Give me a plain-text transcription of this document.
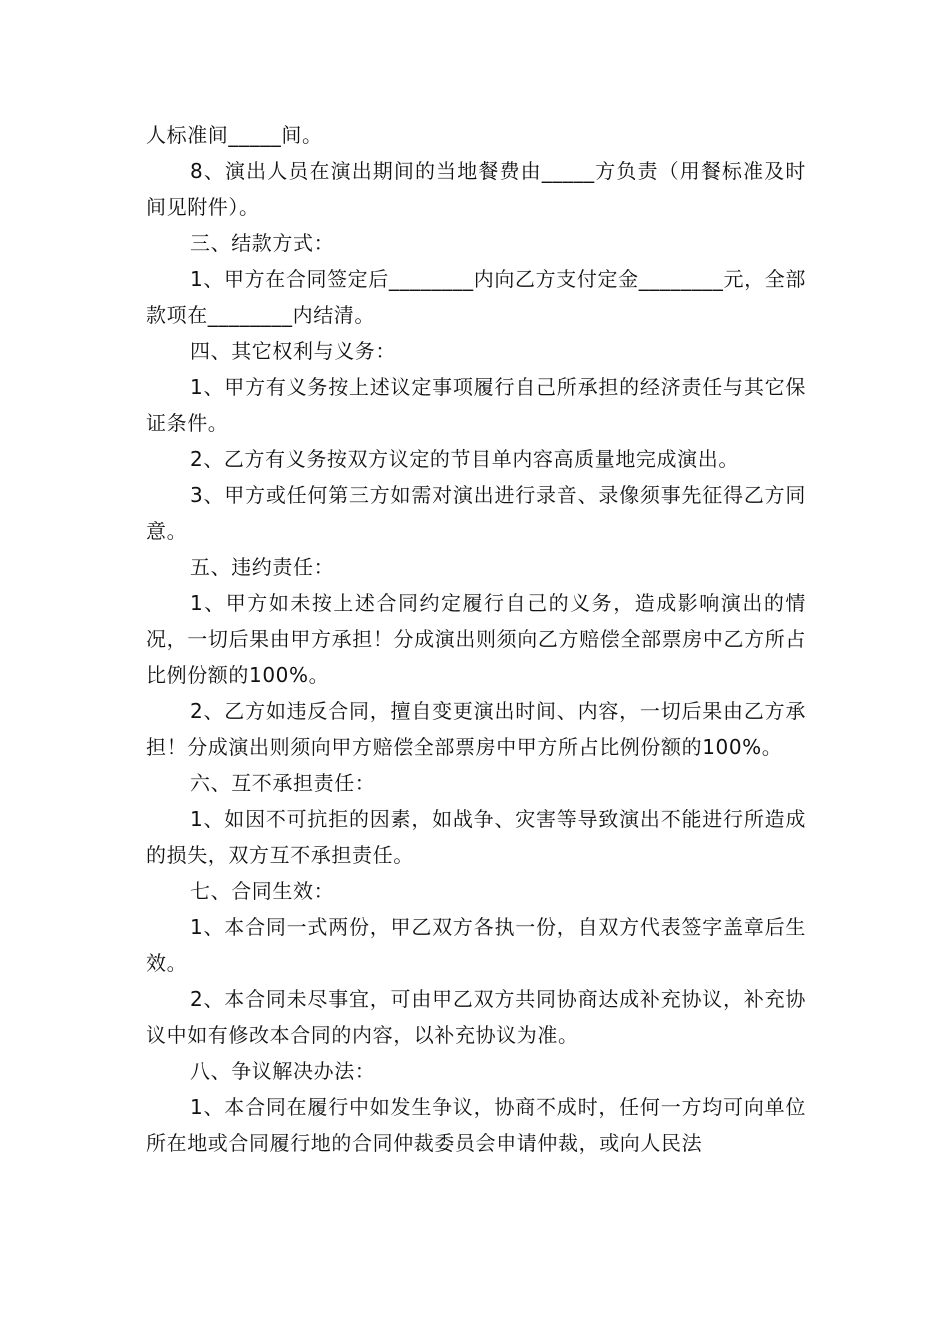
人标准间_____间。

8、演出人员在演出期间的当地餐费由_____方负责（用餐标准及时间见附件）。

三、结款方式：

1、甲方在合同签定后________内向乙方支付定金________元，全部款项在________内结清。

四、其它权利与义务：

1、甲方有义务按上述议定事项履行自己所承担的经济责任与其它保证条件。

2、乙方有义务按双方议定的节目单内容高质量地完成演出。

3、甲方或任何第三方如需对演出进行录音、录像须事先征得乙方同意。

五、违约责任：

1、甲方如未按上述合同约定履行自己的义务，造成影响演出的情况，一切后果由甲方承担！分成演出则须向乙方赔偿全部票房中乙方所占比例份额的100%。

2、乙方如违反合同，擅自变更演出时间、内容，一切后果由乙方承担！分成演出则须向甲方赔偿全部票房中甲方所占比例份额的100%。

六、互不承担责任：

1、如因不可抗拒的因素，如战争、灾害等导致演出不能进行所造成的损失，双方互不承担责任。

七、合同生效：

1、本合同一式两份，甲乙双方各执一份，自双方代表签字盖章后生效。

2、本合同未尽事宜，可由甲乙双方共同协商达成补充协议，补充协议中如有修改本合同的内容，以补充协议为准。

八、争议解决办法：

1、本合同在履行中如发生争议，协商不成时，任何一方均可向单位所在地或合同履行地的合同仲裁委员会申请仲裁，或向人民法
